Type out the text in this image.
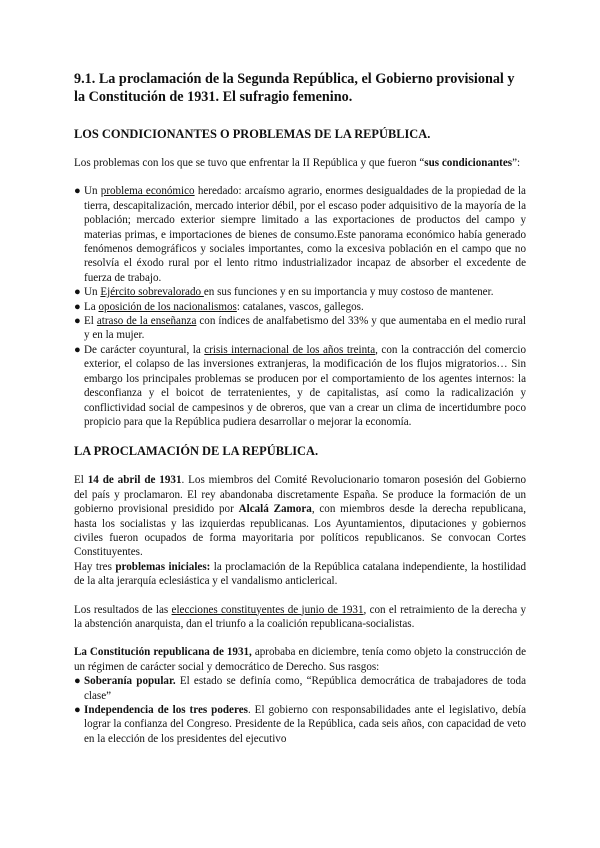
9.1. La proclamación de la Segunda República, el Gobierno provisional y la Constitución de 1931. El sufragio femenino.
LOS CONDICIONANTES O PROBLEMAS DE LA REPÚBLICA.

Los problemas con los que se tuvo que enfrentar la II República y que fueron “sus condicionantes”:

● Un problema económico heredado: arcaísmo agrario, enormes desigualdades de la propiedad de la tierra, descapitalización, mercado interior débil, por el escaso poder adquisitivo de la mayoría de la población; mercado exterior siempre limitado a las exportaciones de productos del campo y materias primas, e importaciones de bienes de consumo.Este panorama económico había generado fenómenos demográficos y sociales importantes, como la excesiva población en el campo que no resolvía el éxodo rural por el lento ritmo industrializador incapaz de absorber el excedente de fuerza de trabajo.
● Un Ejército sobrevalorado en sus funciones y en su importancia y muy costoso de mantener.
● La oposición de los nacionalismos: catalanes, vascos, gallegos.
● El atraso de la enseñanza con índices de analfabetismo del 33% y que aumentaba en el medio rural y en la mujer.
● De carácter coyuntural, la crisis internacional de los años treinta, con la contracción del comercio exterior, el colapso de las inversiones extranjeras, la modificación de los flujos migratorios… Sin embargo los principales problemas se producen por el comportamiento de los agentes internos: la desconfianza y el boicot de terratenientes, y de capitalistas, así como la radicalización y conflictividad social de campesinos y de obreros, que van a crear un clima de incertidumbre poco propicio para que la República pudiera desarrollar o mejorar la economía.
LA PROCLAMACIÓN DE LA REPÚBLICA.

El 14 de abril de 1931. Los miembros del Comité Revolucionario tomaron posesión del Gobierno del país y proclamaron. El rey abandonaba discretamente España. Se produce la formación de un gobierno provisional presidido por Alcalá Zamora, con miembros desde la derecha republicana, hasta los socialistas y las izquierdas republicanas. Los Ayuntamientos, diputaciones y gobiernos civiles fueron ocupados de forma mayoritaria por políticos republicanos. Se convocan Cortes Constituyentes.

Hay tres problemas iniciales: la proclamación de la República catalana independiente, la hostilidad de la alta jerarquía eclesiástica y el vandalismo anticlerical.

Los resultados de las elecciones constituyentes de junio de 1931, con el retraimiento de la derecha y la abstención anarquista, dan el triunfo a la coalición republicana-socialistas.

La Constitución republicana de 1931, aprobaba en diciembre, tenía como objeto la construcción de un régimen de carácter social y democrático de Derecho. Sus rasgos:

● Soberanía popular. El estado se definía como, “República democrática de trabajadores de toda clase”
● Independencia de los tres poderes. El gobierno con responsabilidades ante el legislativo, debía lograr la confianza del Congreso. Presidente de la República, cada seis años, con capacidad de veto en la elección de los presidentes del ejecutivo
